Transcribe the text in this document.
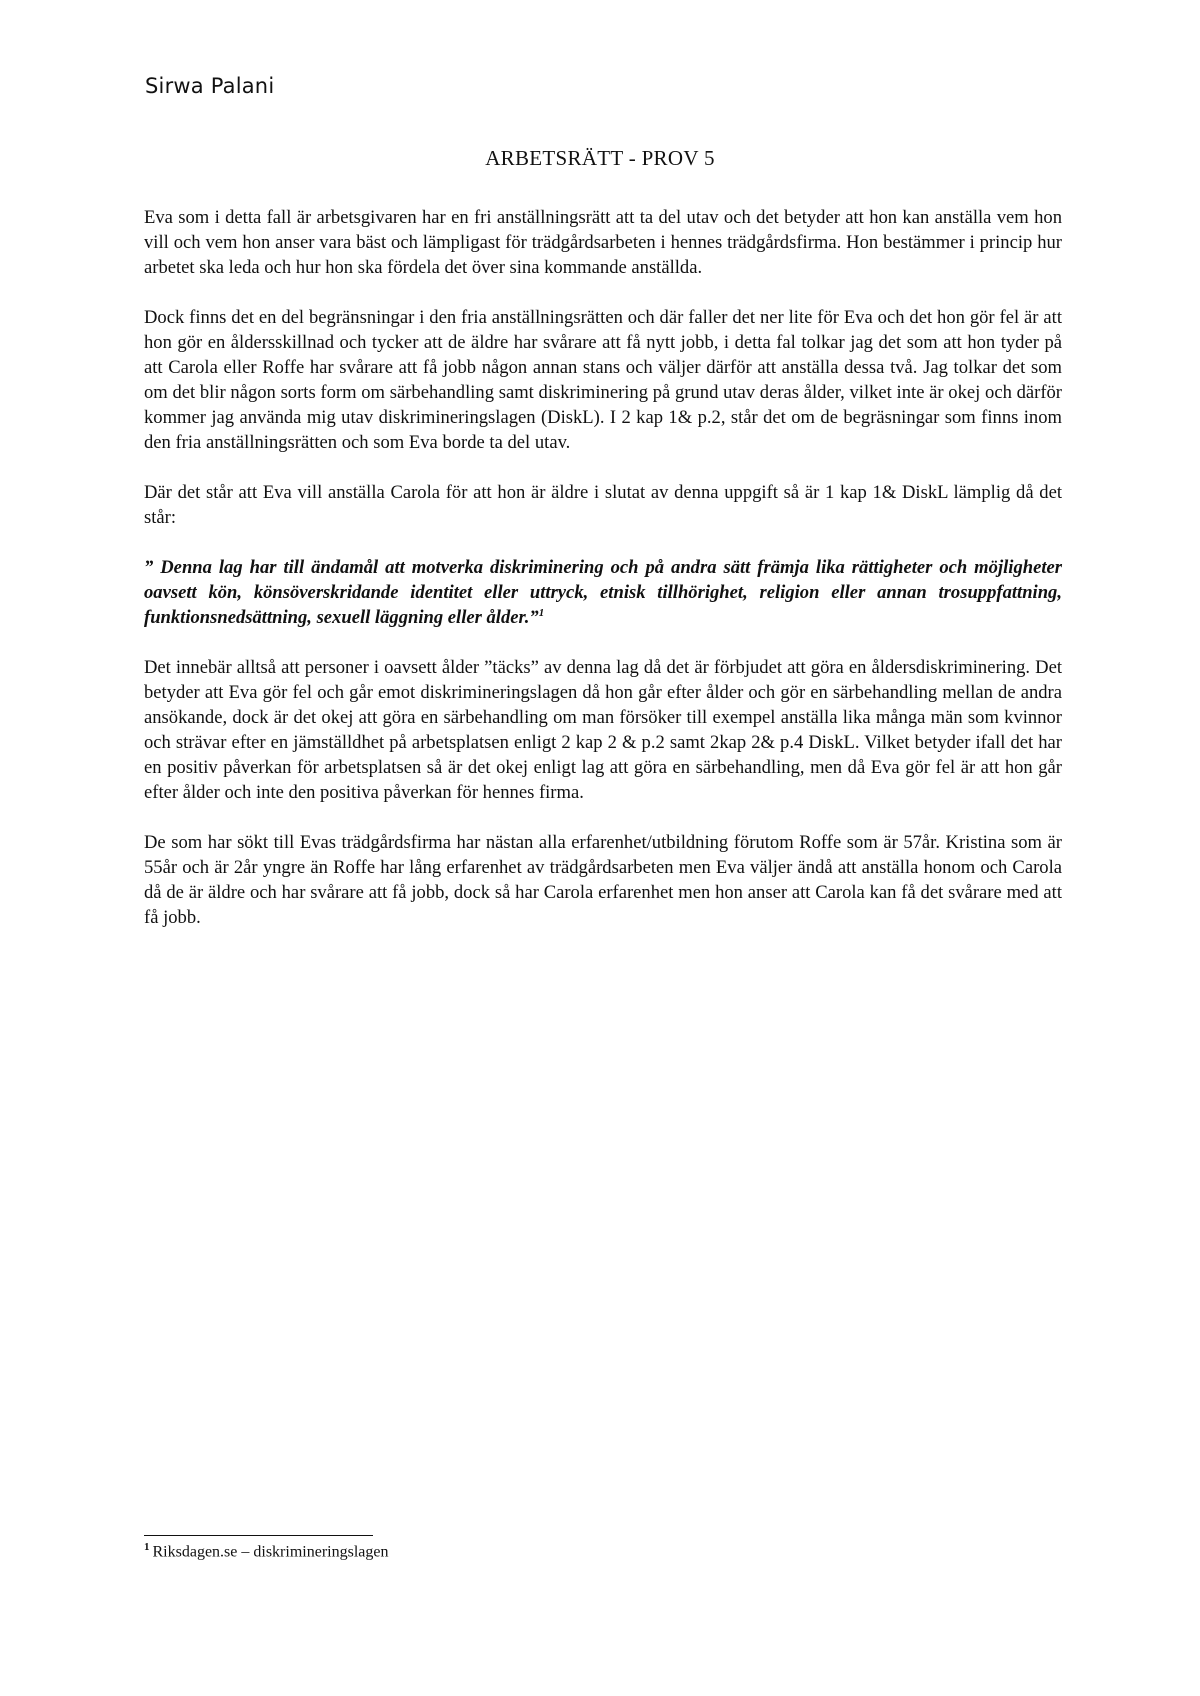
Sirwa Palani
ARBETSRÄTT - PROV 5

Eva som i detta fall är arbetsgivaren har en fri anställningsrätt att ta del utav och det betyder att hon kan anställa vem hon vill och vem hon anser vara bäst och lämpligast för trädgårdsarbeten i hennes trädgårdsfirma. Hon bestämmer i princip hur arbetet ska leda och hur hon ska fördela det över sina kommande anställda.

Dock finns det en del begränsningar i den fria anställningsrätten och där faller det ner lite för Eva och det hon gör fel är att hon gör en åldersskillnad och tycker att de äldre har svårare att få nytt jobb, i detta fal tolkar jag det som att hon tyder på att Carola eller Roffe har svårare att få jobb någon annan stans och väljer därför att anställa dessa två. Jag tolkar det som om det blir någon sorts form om särbehandling samt diskriminering på grund utav deras ålder, vilket inte är okej och därför kommer jag använda mig utav diskrimineringslagen (DiskL). I 2 kap 1& p.2, står det om de begräsningar som finns inom den fria anställningsrätten och som Eva borde ta del utav.

Där det står att Eva vill anställa Carola för att hon är äldre i slutat av denna uppgift så är 1 kap 1& DiskL lämplig då det står:

” Denna lag har till ändamål att motverka diskriminering och på andra sätt främja lika rättigheter och möjligheter oavsett kön, könsöverskridande identitet eller uttryck, etnisk tillhörighet, religion eller annan trosuppfattning, funktionsnedsättning, sexuell läggning eller ålder.”$^1$

Det innebär alltså att personer i oavsett ålder ”täcks” av denna lag då det är förbjudet att göra en åldersdiskriminering. Det betyder att Eva gör fel och går emot diskrimineringslagen då hon går efter ålder och gör en särbehandling mellan de andra ansökande, dock är det okej att göra en särbehandling om man försöker till exempel anställa lika många män som kvinnor och strävar efter en jämställdhet på arbetsplatsen enligt 2 kap 2 & p.2 samt 2kap 2& p.4 DiskL. Vilket betyder ifall det har en positiv påverkan för arbetsplatsen så är det okej enligt lag att göra en särbehandling, men då Eva gör fel är att hon går efter ålder och inte den positiva påverkan för hennes firma.

De som har sökt till Evas trädgårdsfirma har nästan alla erfarenhet/utbildning förutom Roffe som är 57år. Kristina som är 55år och är 2år yngre än Roffe har lång erfarenhet av trädgårdsarbeten men Eva väljer ändå att anställa honom och Carola då de är äldre och har svårare att få jobb, dock så har Carola erfarenhet men hon anser att Carola kan få det svårare med att få jobb.

$^1$ Riksdagen.se – diskrimineringslagen
